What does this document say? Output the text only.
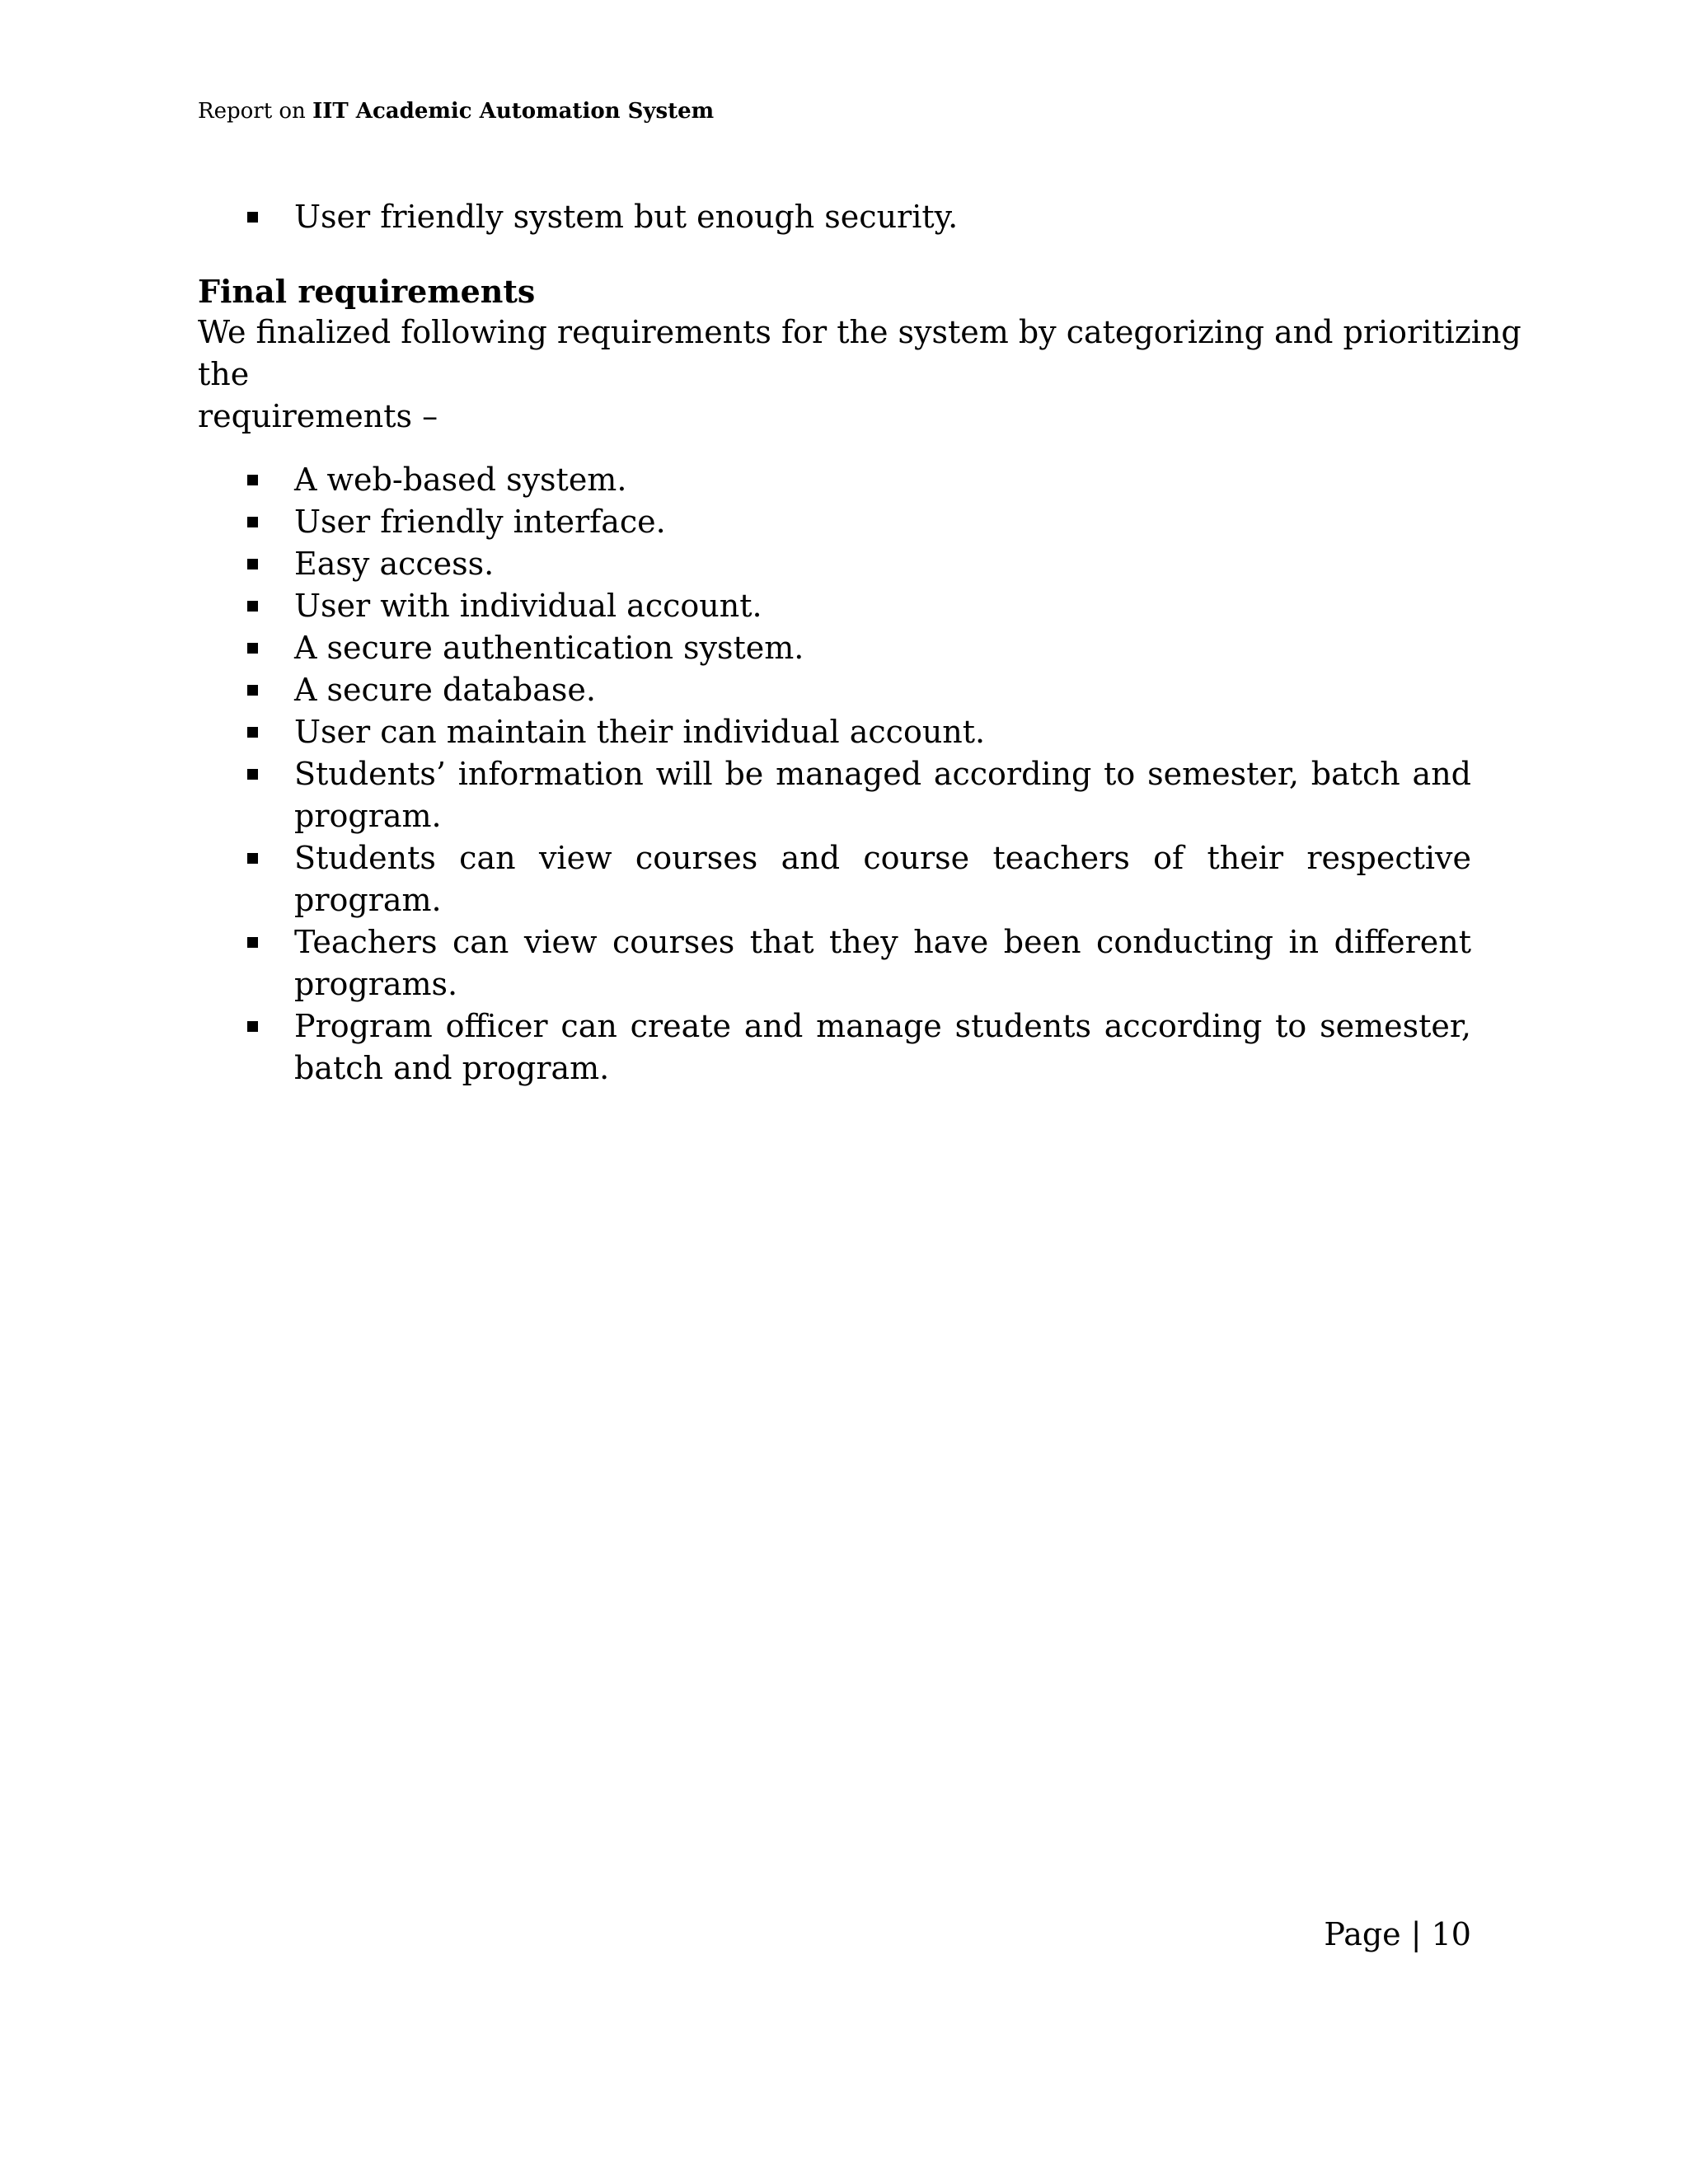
Report on IIT Academic Automation System
User friendly system but enough security.
Final requirements
We finalized following requirements for the system by categorizing and prioritizing
the
requirements –
A web-based system.
User friendly interface.
Easy access.
User with individual account.
A secure authentication system.
A secure database.
User can maintain their individual account.
Students’ information will be managed according to semester, batch and program.
Students can view courses and course teachers of their respective program.
Teachers can view courses that they have been conducting in different programs.
Program officer can create and manage students according to semester, batch and program.
Page | 10
